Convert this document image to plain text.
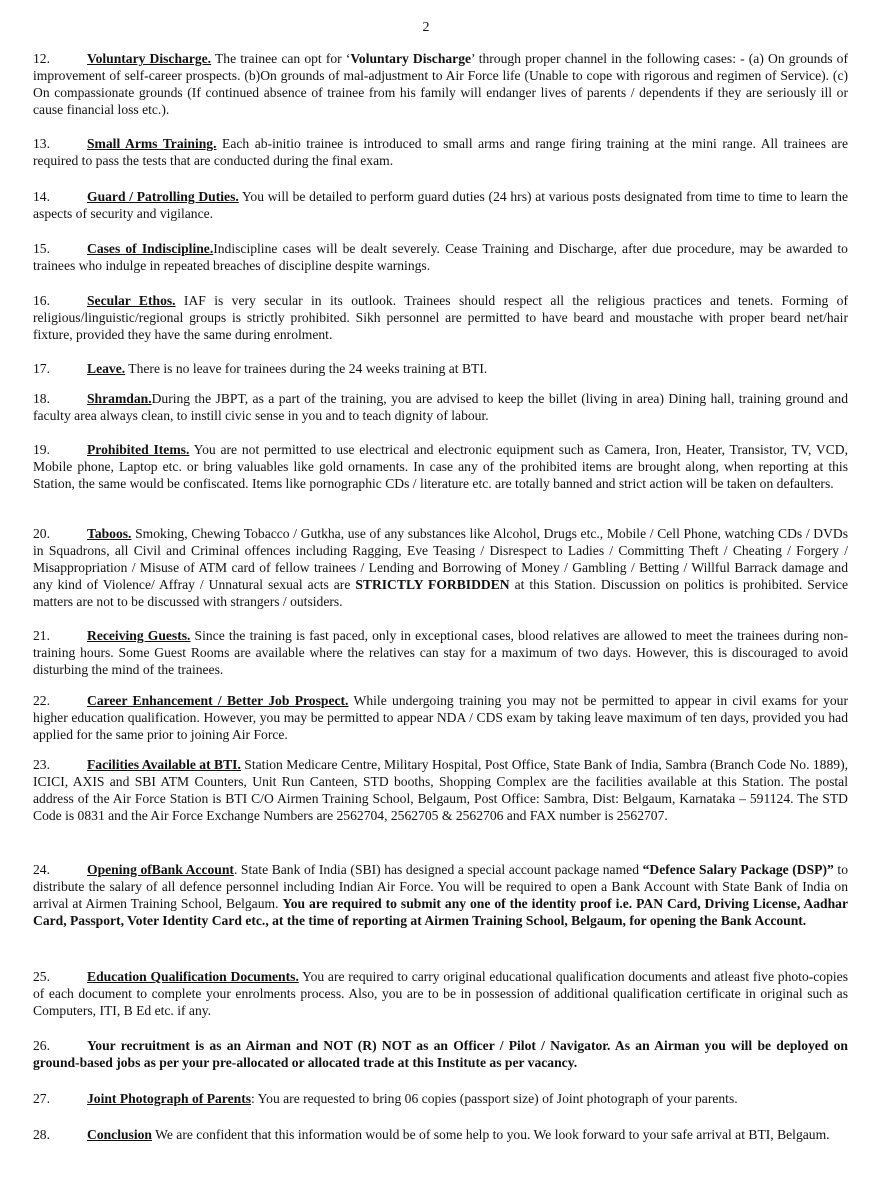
2

12.	Voluntary Discharge. The trainee can opt for ‘Voluntary Discharge’ through proper channel in the following cases: - (a) On grounds of improvement of self-career prospects. (b)On grounds of mal-adjustment to Air Force life (Unable to cope with rigorous and regimen of Service). (c) On compassionate grounds (If continued absence of trainee from his family will endanger lives of parents / dependents if they are seriously ill or cause financial loss etc.).

13.	Small Arms Training. Each ab-initio trainee is introduced to small arms and range firing training at the mini range. All trainees are required to pass the tests that are conducted during the final exam.

14.	Guard / Patrolling Duties. You will be detailed to perform guard duties (24 hrs) at various posts designated from time to time to learn the aspects of security and vigilance.

15.	Cases of Indiscipline.Indiscipline cases will be dealt severely. Cease Training and Discharge, after due procedure, may be awarded to trainees who indulge in repeated breaches of discipline despite warnings.

16.	Secular Ethos. IAF is very secular in its outlook. Trainees should respect all the religious practices and tenets. Forming of religious/linguistic/regional groups is strictly prohibited. Sikh personnel are permitted to have beard and moustache with proper beard net/hair fixture, provided they have the same during enrolment.

17.	Leave. There is no leave for trainees during the 24 weeks training at BTI.

18.	Shramdan.During the JBPT, as a part of the training, you are advised to keep the billet (living in area) Dining hall, training ground and faculty area always clean, to instill civic sense in you and to teach dignity of labour.

19.	Prohibited Items. You are not permitted to use electrical and electronic equipment such as Camera, Iron, Heater, Transistor, TV, VCD, Mobile phone, Laptop etc. or bring valuables like gold ornaments. In case any of the prohibited items are brought along, when reporting at this Station, the same would be confiscated. Items like pornographic CDs / literature etc. are totally banned and strict action will be taken on defaulters.

20.	Taboos. Smoking, Chewing Tobacco / Gutkha, use of any substances like Alcohol, Drugs etc., Mobile / Cell Phone, watching CDs / DVDs in Squadrons, all Civil and Criminal offences including Ragging, Eve Teasing / Disrespect to Ladies / Committing Theft / Cheating / Forgery / Misappropriation / Misuse of ATM card of fellow trainees / Lending and Borrowing of Money / Gambling / Betting / Willful Barrack damage and any kind of Violence/ Affray / Unnatural sexual acts are STRICTLY FORBIDDEN at this Station. Discussion on politics is prohibited. Service matters are not to be discussed with strangers / outsiders.

21.	Receiving Guests. Since the training is fast paced, only in exceptional cases, blood relatives are allowed to meet the trainees during non-training hours. Some Guest Rooms are available where the relatives can stay for a maximum of two days. However, this is discouraged to avoid disturbing the mind of the trainees.

22.	Career Enhancement / Better Job Prospect. While undergoing training you may not be permitted to appear in civil exams for your higher education qualification. However, you may be permitted to appear NDA / CDS exam by taking leave maximum of ten days, provided you had applied for the same prior to joining Air Force.

23.	Facilities Available at BTI. Station Medicare Centre, Military Hospital, Post Office, State Bank of India, Sambra (Branch Code No. 1889), ICICI, AXIS and SBI ATM Counters, Unit Run Canteen, STD booths, Shopping Complex are the facilities available at this Station. The postal address of the Air Force Station is BTI C/O Airmen Training School, Belgaum, Post Office: Sambra, Dist: Belgaum, Karnataka – 591124. The STD Code is 0831 and the Air Force Exchange Numbers are 2562704, 2562705 & 2562706 and FAX number is 2562707.

24.	Opening ofBank Account. State Bank of India (SBI) has designed a special account package named “Defence Salary Package (DSP)” to distribute the salary of all defence personnel including Indian Air Force. You will be required to open a Bank Account with State Bank of India on arrival at Airmen Training School, Belgaum. You are required to submit any one of the identity proof i.e. PAN Card, Driving License, Aadhar Card, Passport, Voter Identity Card etc., at the time of reporting at Airmen Training School, Belgaum, for opening the Bank Account.

25.	Education Qualification Documents. You are required to carry original educational qualification documents and atleast five photo-copies of each document to complete your enrolments process. Also, you are to be in possession of additional qualification certificate in original such as Computers, ITI, B Ed etc. if any.

26.	Your recruitment is as an Airman and NOT (R) NOT as an Officer / Pilot / Navigator. As an Airman you will be deployed on ground-based jobs as per your pre-allocated or allocated trade at this Institute as per vacancy.

27.	Joint Photograph of Parents: You are requested to bring 06 copies (passport size) of Joint photograph of your parents.

28.	Conclusion We are confident that this information would be of some help to you. We look forward to your safe arrival at BTI, Belgaum.
